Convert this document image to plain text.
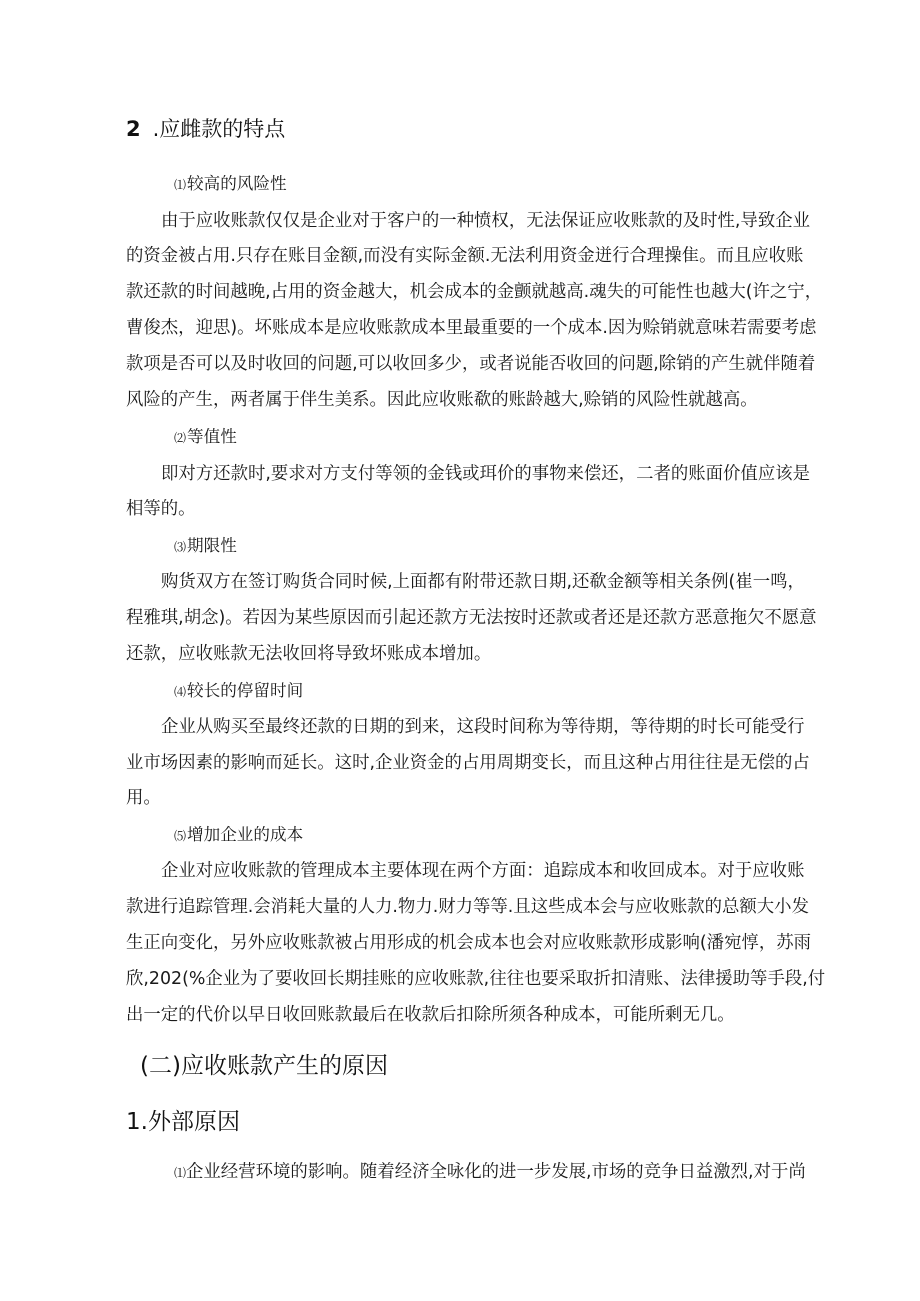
2 .应雌款的特点
⑴较高的风险性
由于应收账款仅仅是企业对于客户的一种愤权，无法保证应收账款的及时性,导致企业
的资金被占用.只存在账目金额,而没有实际金额.无法利用资金迸行合理操隹。而且应收账
款还款的时间越晚,占用的资金越大，机会成本的金颤就越高.魂失的可能性也越大(许之宁，
曹俊杰，迎思)。坏账成本是应收账款成本里最重要的一个成本.因为赊销就意味若需要考虑
款项是否可以及时收回的问题,可以收回多少，或者说能否收回的问题,除销的产生就伴随着
风险的产生，两者属于伴生美系。因此应收账欷的账龄越大,赊销的风险性就越高。
⑵等值性
即对方还款时,要求对方支付等领的金钱或珥价的事物来偿还，二者的账面价值应该是
相等的。
⑶期限性
购货双方在签订购货合同时候,上面都有附带还款日期,还欷金额等相关条例(崔一鸣，
程雅琪,胡念)。若因为某些原因而引起还款方无法按时还款或者还是还款方恶意拖欠不愿意
还款，应收账款无法收回将导致坏账成本增加。
⑷较长的停留时间
企业从购买至最终还款的日期的到来，这段时间称为等待期，等待期的时长可能受行
业市场因素的影响而延长。这时,企业资金的占用周期变长，而且这种占用往往是无偿的占
用。
⑸增加企业的成本
企业对应收账款的管理成本主要体现在两个方面：追踪成本和收回成本。对于应收账
款进行追踪管理.会消耗大量的人力.物力.财力等等.且这些成本会与应收账款的总额大小发
生正向变化，另外应收账款被占用形成的机会成本也会对应收账款形成影响(潘宛惇，苏雨
欣,202(%企业为了要收回长期挂账的应收账款,往往也要采取折扣清账、法律援助等手段,付
出一定的代价以早日收回账款最后在收款后扣除所须各种成本，可能所剩无几。
(二)应收账款产生的原因
1.外部原因
⑴企业经营环境的影响。随着经济全咏化的进一步发展,市场的竞争日益激烈,对于尚
